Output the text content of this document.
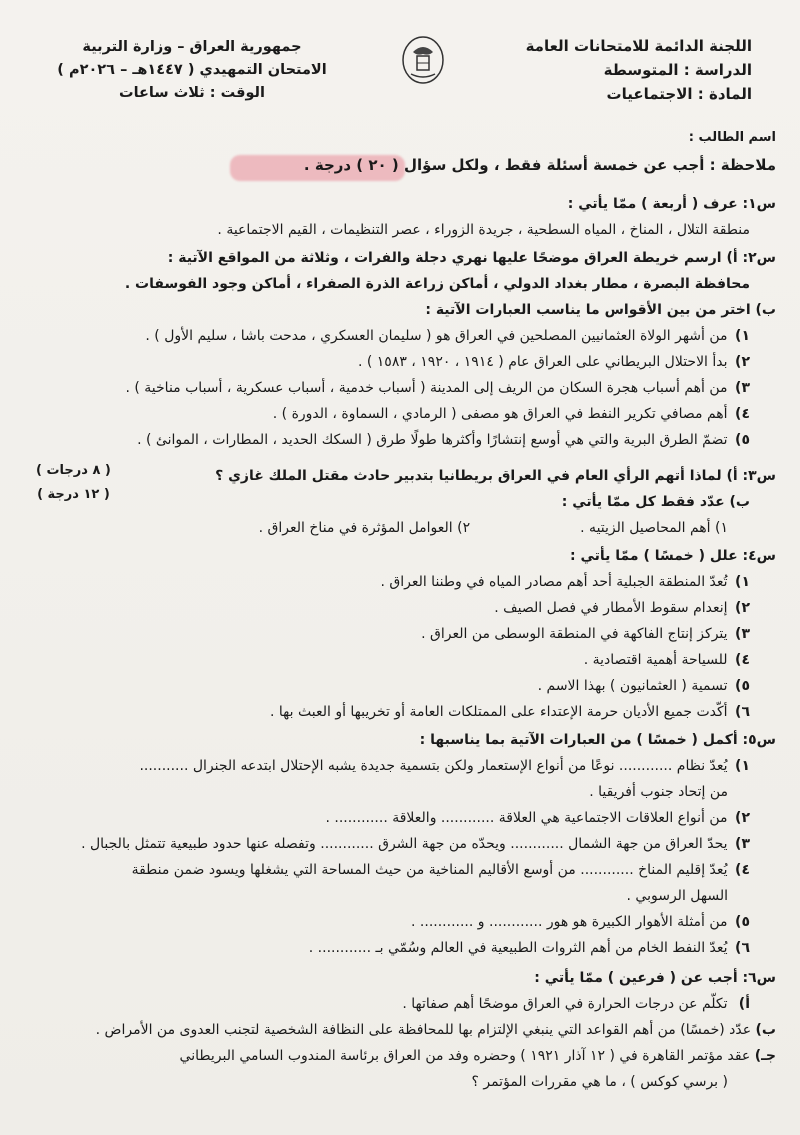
اللجنة الدائمة للامتحانات العامة
الدراسة : المتوسطة
المادة : الاجتماعيات
جمهورية العراق – وزارة التربية
الامتحان التمهيدي ( ١٤٤٧هـ – ٢٠٢٦م )
الوقت : ثلاث ساعات
اسم الطالب :
ملاحظة : أجب عن خمسة أسئلة فقط ، ولكل سؤال ( ٢٠ ) درجة .
س١: عرف ( أربعة ) ممّا يأتي :
منطقة التلال ، المناخ ، المياه السطحية ، جريدة الزوراء ، عصر التنظيمات ، القيم الاجتماعية .
س٢: أ) ارسم خريطة العراق موضحًا عليها نهري دجلة والفرات ، وثلاثة من المواقع الآتية :
محافظة البصرة ، مطار بغداد الدولي ، أماكن زراعة الذرة الصفراء ، أماكن وجود الفوسفات .
ب) اختر من بين الأقواس ما يناسب العبارات الآتية :
١)

من أشهر الولاة العثمانيين المصلحين في العراق هو ( سليمان العسكري ، مدحت باشا ، سليم الأول ) .
٢)

بدأ الاحتلال البريطاني على العراق عام ( ١٩١٤ ، ١٩٢٠ ، ١٥٨٣ ) .
٣)

من أهم أسباب هجرة السكان من الريف إلى المدينة ( أسباب خدمية ، أسباب عسكرية ، أسباب مناخية ) .
٤)

أهم مصافي تكرير النفط في العراق هو مصفى ( الرمادي ، السماوة ، الدورة ) .
٥)

تضمّ الطرق البرية والتي هي أوسع إنتشارًا وأكثرها طولًا طرق ( السكك الحديد ، المطارات ، الموانئ ) .
( ٨ درجات )
( ١٢ درجة )
س٣: أ) لماذا أتهم الرأي العام في العراق بريطانيا بتدبير حادث مقتل الملك غازي ؟
ب) عدّد فقط كل ممّا يأتي :
١) أهم المحاصيل الزيتيه .
٢) العوامل المؤثرة في مناخ العراق .
س٤: علل ( خمسًا ) ممّا يأتي :
١)

تُعدّ المنطقة الجبلية أحد أهم مصادر المياه في وطننا العراق .
٢)

إنعدام سقوط الأمطار في فصل الصيف .
٣)

يتركز إنتاج الفاكهة في المنطقة الوسطى من العراق .
٤)

للسياحة أهمية اقتصادية .
٥)

تسمية ( العثمانيون ) بهذا الاسم .
٦)

أكّدت جميع الأديان حرمة الإعتداء على الممتلكات العامة أو تخريبها أو العبث بها .
س٥: أكمل ( خمسًا ) من العبارات الآتية بما يناسبها :
١)

يُعدّ نظام ............ نوعًا من أنواع الإستعمار ولكن بتسمية جديدة يشبه الإحتلال ابتدعه الجنرال ...........
من إتحاد جنوب أفريقيا .
٢)

من أنواع العلاقات الاجتماعية هي العلاقة ............ والعلاقة ............ .
٣)

يحدّ العراق من جهة الشمال ............ ويحدّه من جهة الشرق ............ وتفصله عنها حدود طبيعية تتمثل بالجبال .
٤)

يُعدّ إقليم المناخ ............ من أوسع الأقاليم المناخية من حيث المساحة التي يشغلها ويسود ضمن منطقة
السهل الرسوبي .
٥)

من أمثلة الأهوار الكبيرة هو هور ............ و ............ .
٦)

يُعدّ النفط الخام من أهم الثروات الطبيعية في العالم وسُمّي بـ ............ .
س٦: أجب عن ( فرعين ) ممّا يأتي :
أ)

تكلّم عن درجات الحرارة في العراق موضحًا أهم صفاتها .
ب)

عدّد (خمسًا) من أهم القواعد التي ينبغي الإلتزام بها للمحافظة على النظافة الشخصية لتجنب العدوى من الأمراض .
جـ)

عقد مؤتمر القاهرة في ( ١٢ آذار ١٩٢١ ) وحضره وفد من العراق برئاسة المندوب السامي البريطاني
( برسي كوكس ) ، ما هي مقررات المؤتمر ؟
